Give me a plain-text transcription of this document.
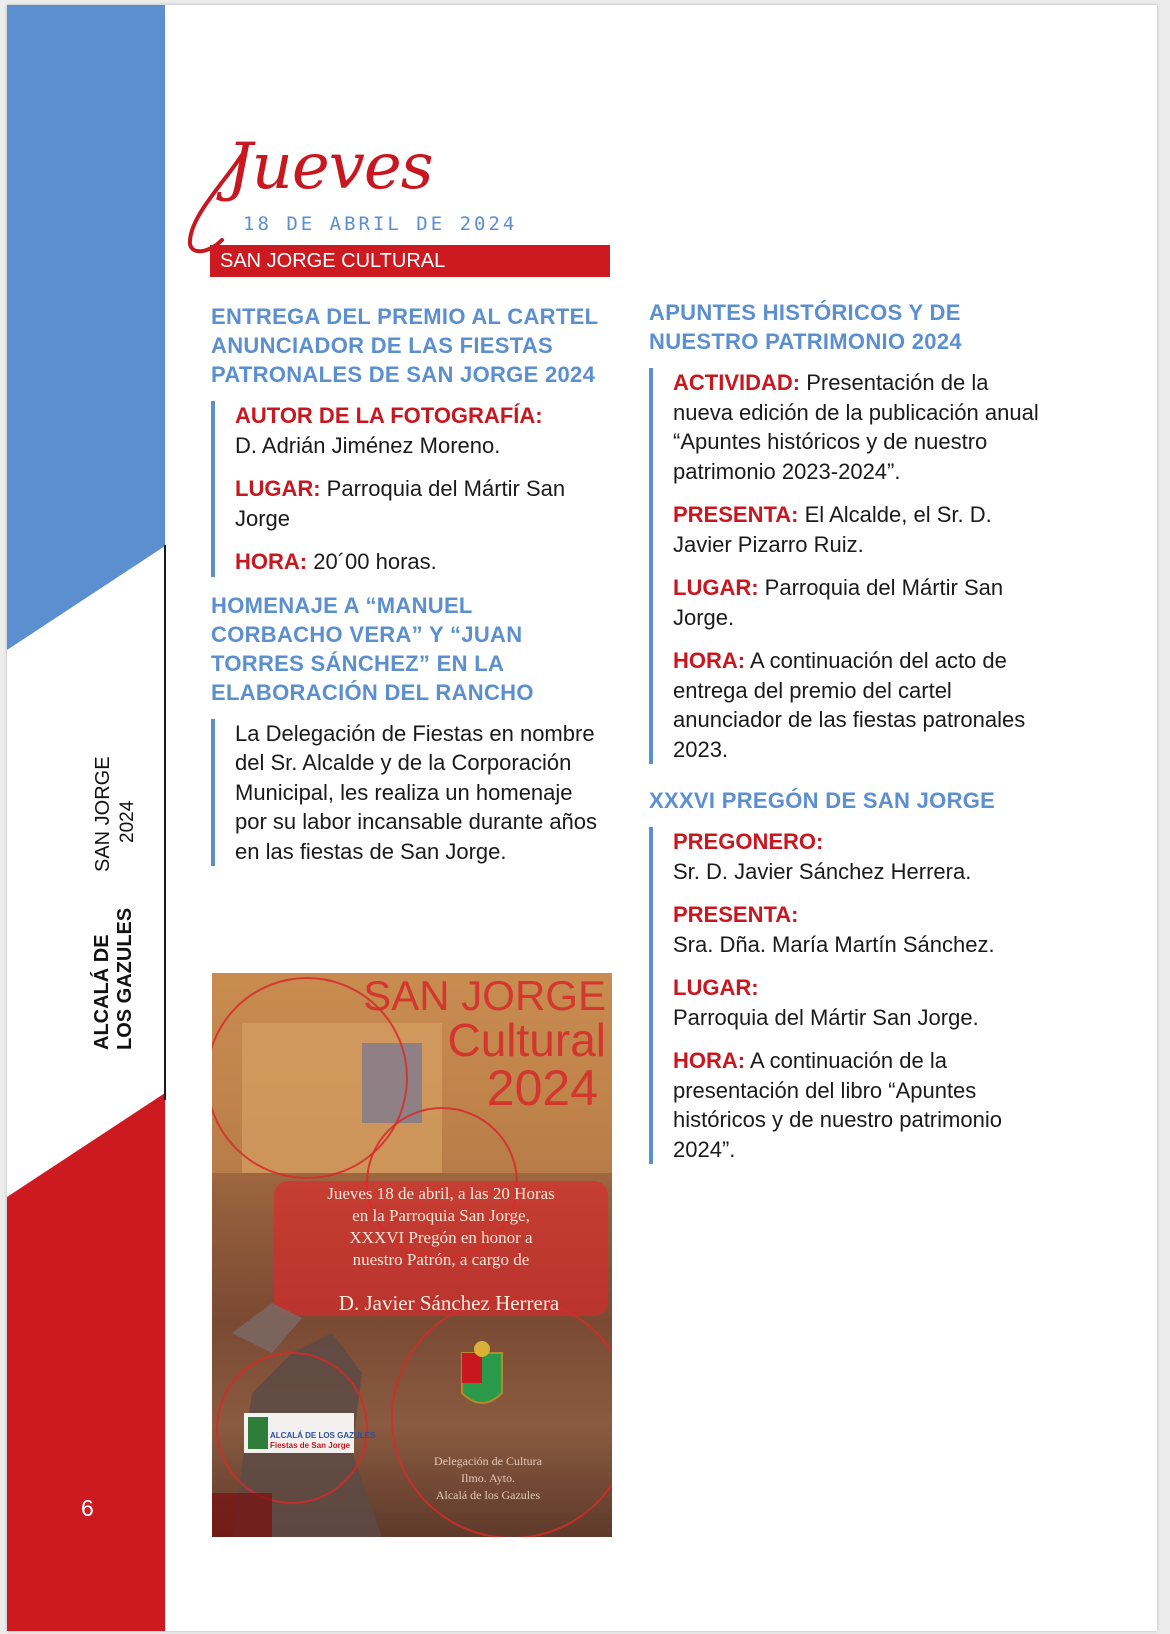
SAN JORGE 2024
ALCALÁ DE LOS GAZULES
6
Jueves
18 DE ABRIL DE 2024
SAN JORGE CULTURAL
ENTREGA DEL PREMIO AL CARTEL ANUNCIADOR DE LAS FIESTAS PATRONALES DE SAN JORGE 2024
AUTOR DE LA FOTOGRAFÍA:
D. Adrián Jiménez Moreno.
LUGAR: Parroquia del Mártir San Jorge
HORA: 20´00 horas.
HOMENAJE A “MANUEL CORBACHO VERA” Y “JUAN TORRES SÁNCHEZ” EN LA ELABORACIÓN DEL RANCHO
La Delegación de Fiestas en nombre del Sr. Alcalde y de la Corporación Municipal, les realiza un homenaje por su labor incansable durante años en las fiestas de San Jorge.
APUNTES HISTÓRICOS Y DE NUESTRO PATRIMONIO 2024
ACTIVIDAD: Presentación de la nueva edición de la publicación anual “Apuntes históricos y de nuestro patrimonio 2023-2024”.
PRESENTA: El Alcalde, el Sr. D. Javier Pizarro Ruiz.
LUGAR: Parroquia del Mártir San Jorge.
HORA: A continuación del acto de entrega del premio del cartel anunciador de las fiestas patronales 2023.
XXXVI PREGÓN DE SAN JORGE
PREGONERO:
Sr. D. Javier Sánchez Herrera.
PRESENTA:
Sra. Dña. María Martín Sánchez.
LUGAR:
Parroquia del Mártir San Jorge.
HORA: A continuación de la presentación del libro “Apuntes históricos y de nuestro patrimonio 2024”.
SAN JORGE
Cultural
2024
Jueves 18 de abril, a las 20 Horas
en la Parroquia San Jorge,
XXXVI Pregón en honor a
nuestro Patrón, a cargo de
D. Javier Sánchez Herrera
ALCALÁ DE LOS GAZULES
Fiestas de San Jorge
Delegación de Cultura
Ilmo. Ayto.
Alcalá de los Gazules
